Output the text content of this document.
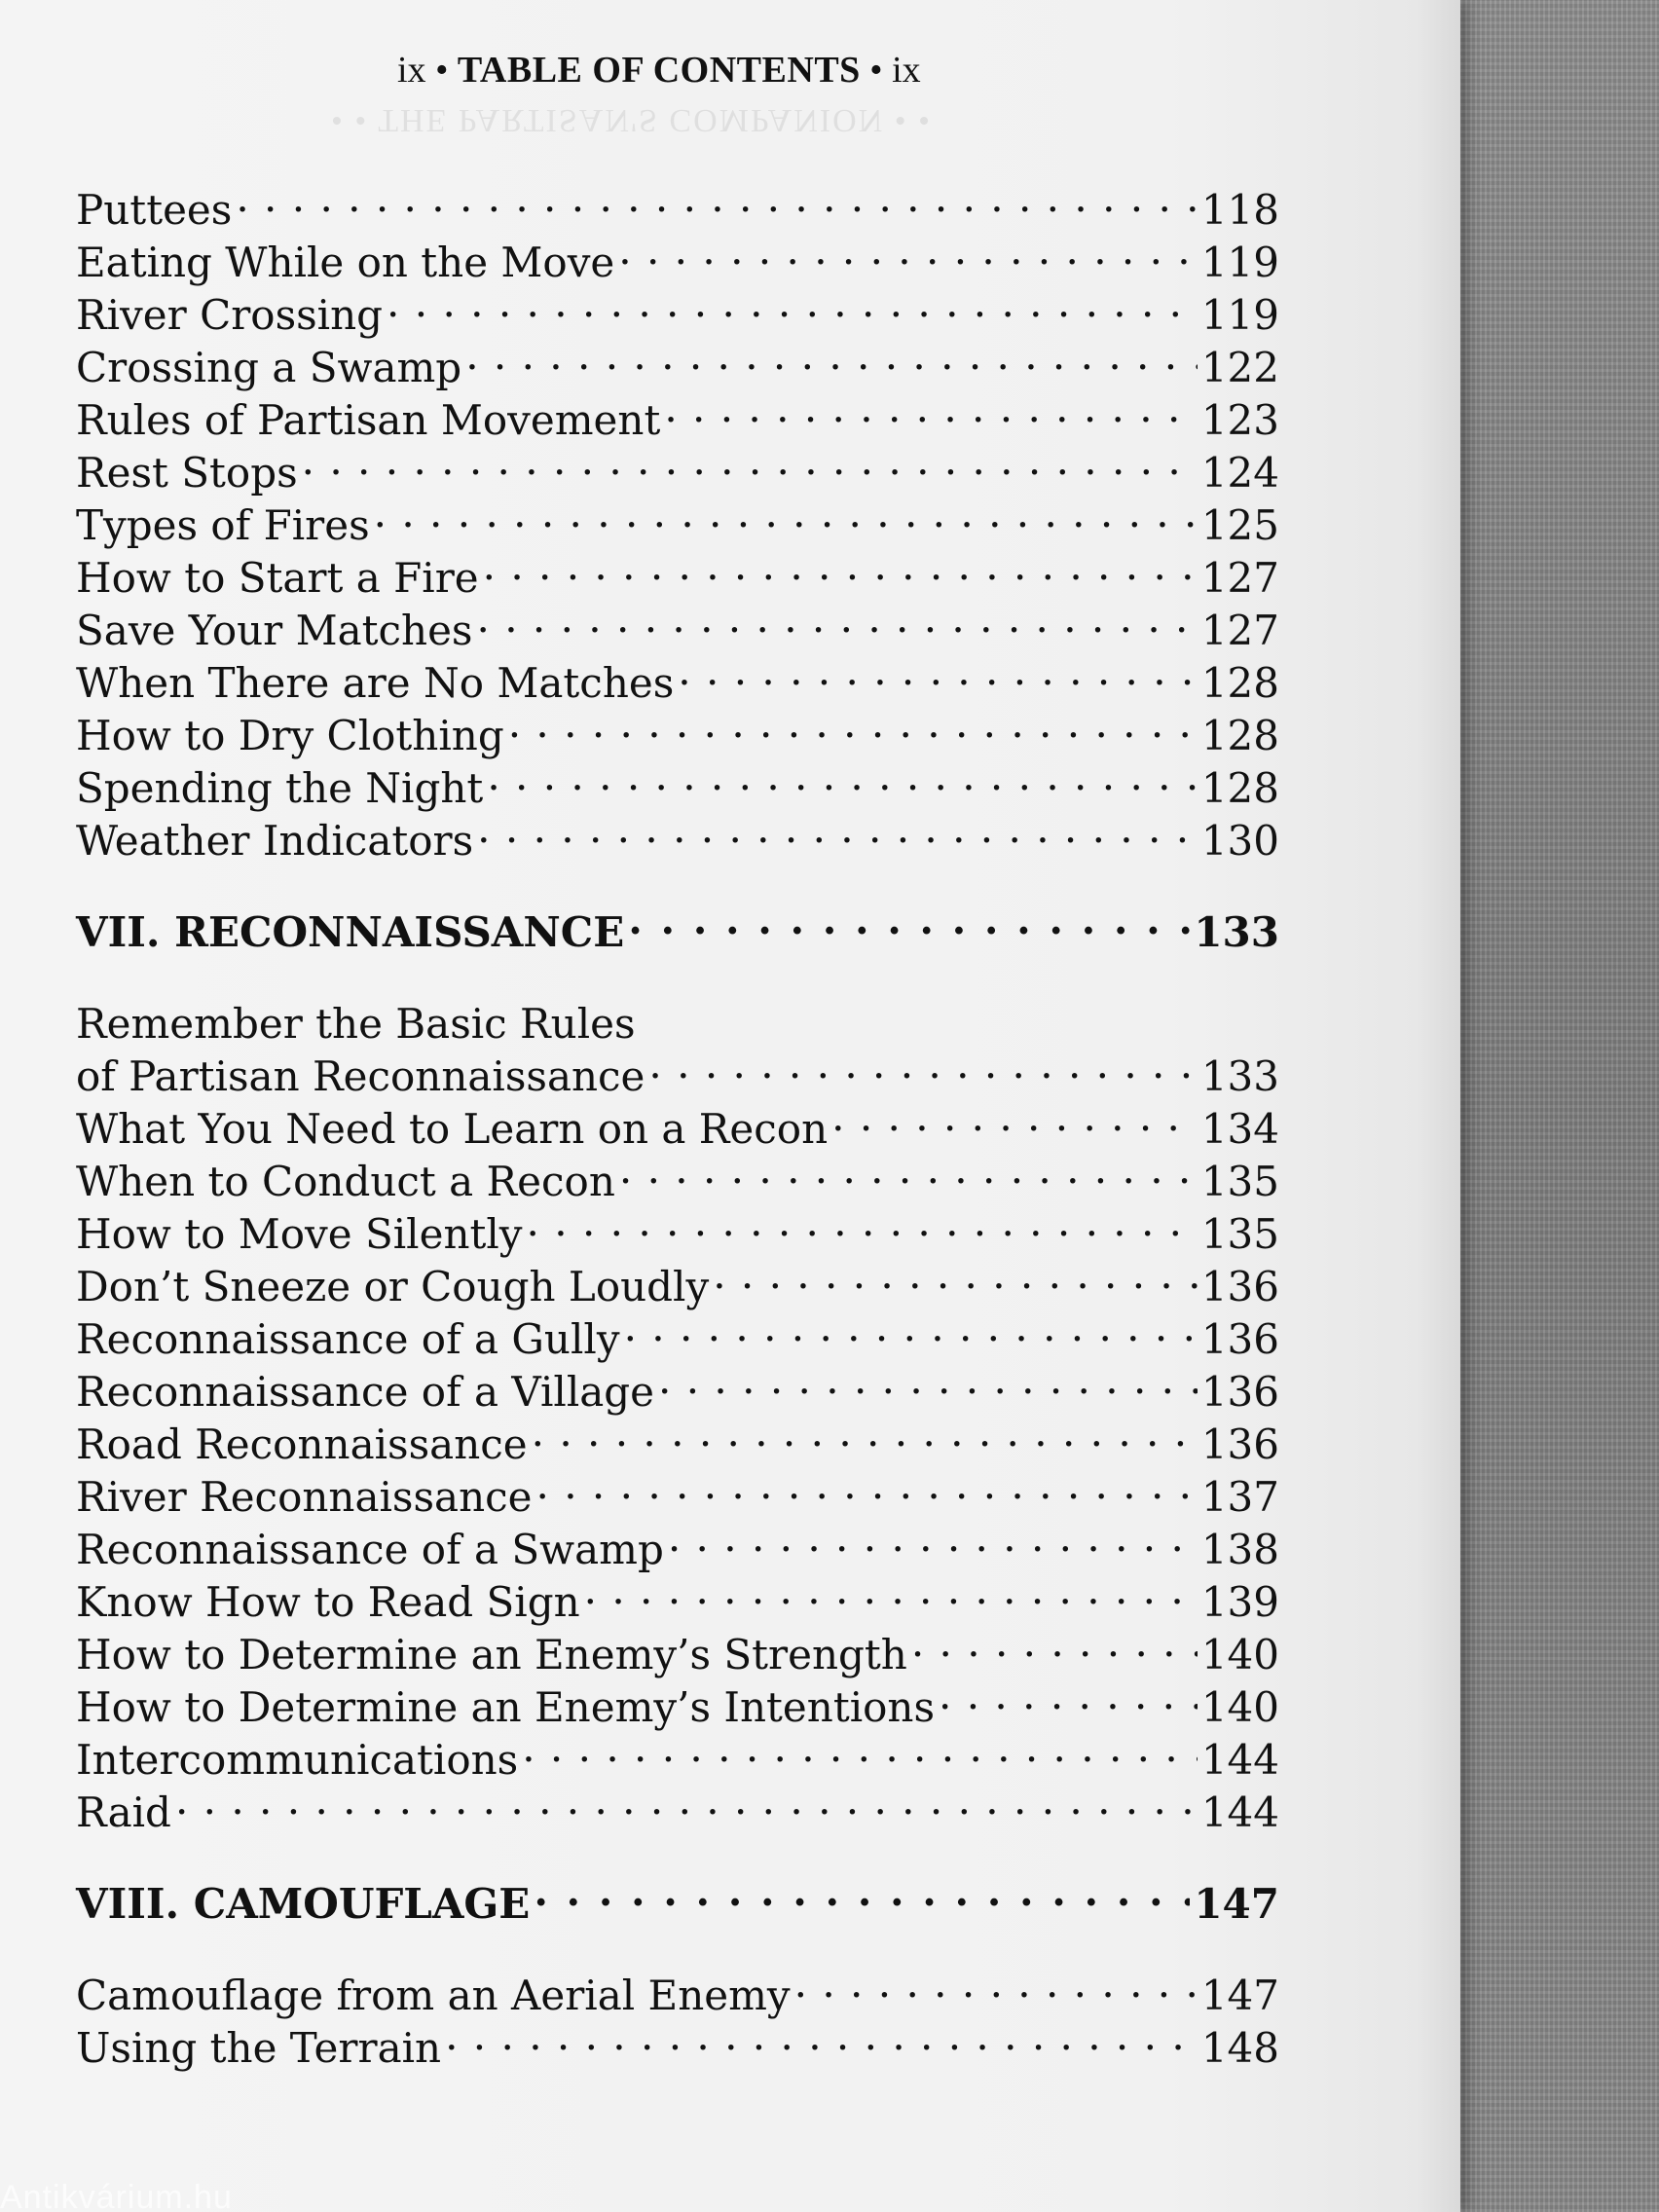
ix • TABLE OF CONTENTS • ix
• • THE PARTISAN'S COMPANION • •
Puttees . . .	118
Eating While on the Move . . .	119
River Crossing . . .	119
Crossing a Swamp . . .	122
Rules of Partisan Movement . . .	123
Rest Stops . . .	124
Types of Fires . . .	125
How to Start a Fire . . .	127
Save Your Matches . . .	127
When There are No Matches . . .	128
How to Dry Clothing . . .	128
Spending the Night . . .	128
Weather Indicators . . .	130
VII. RECONNAISSANCE . . .	133
Remember the Basic Rules
of Partisan Reconnaissance . . .	133
What You Need to Learn on a Recon . . .	134
When to Conduct a Recon . . .	135
How to Move Silently . . .	135
Don’t Sneeze or Cough Loudly . . .	136
Reconnaissance of a Gully . . .	136
Reconnaissance of a Village . . .	136
Road Reconnaissance . . .	136
River Reconnaissance . . .	137
Reconnaissance of a Swamp . . .	138
Know How to Read Sign . . .	139
How to Determine an Enemy’s Strength . . .	140
How to Determine an Enemy’s Intentions . . .	140
Intercommunications . . .	144
Raid . . .	144
VIII. CAMOUFLAGE . . .	147
Camouflage from an Aerial Enemy . . .	147
Using the Terrain . . .	148
Antikvárium.hu
